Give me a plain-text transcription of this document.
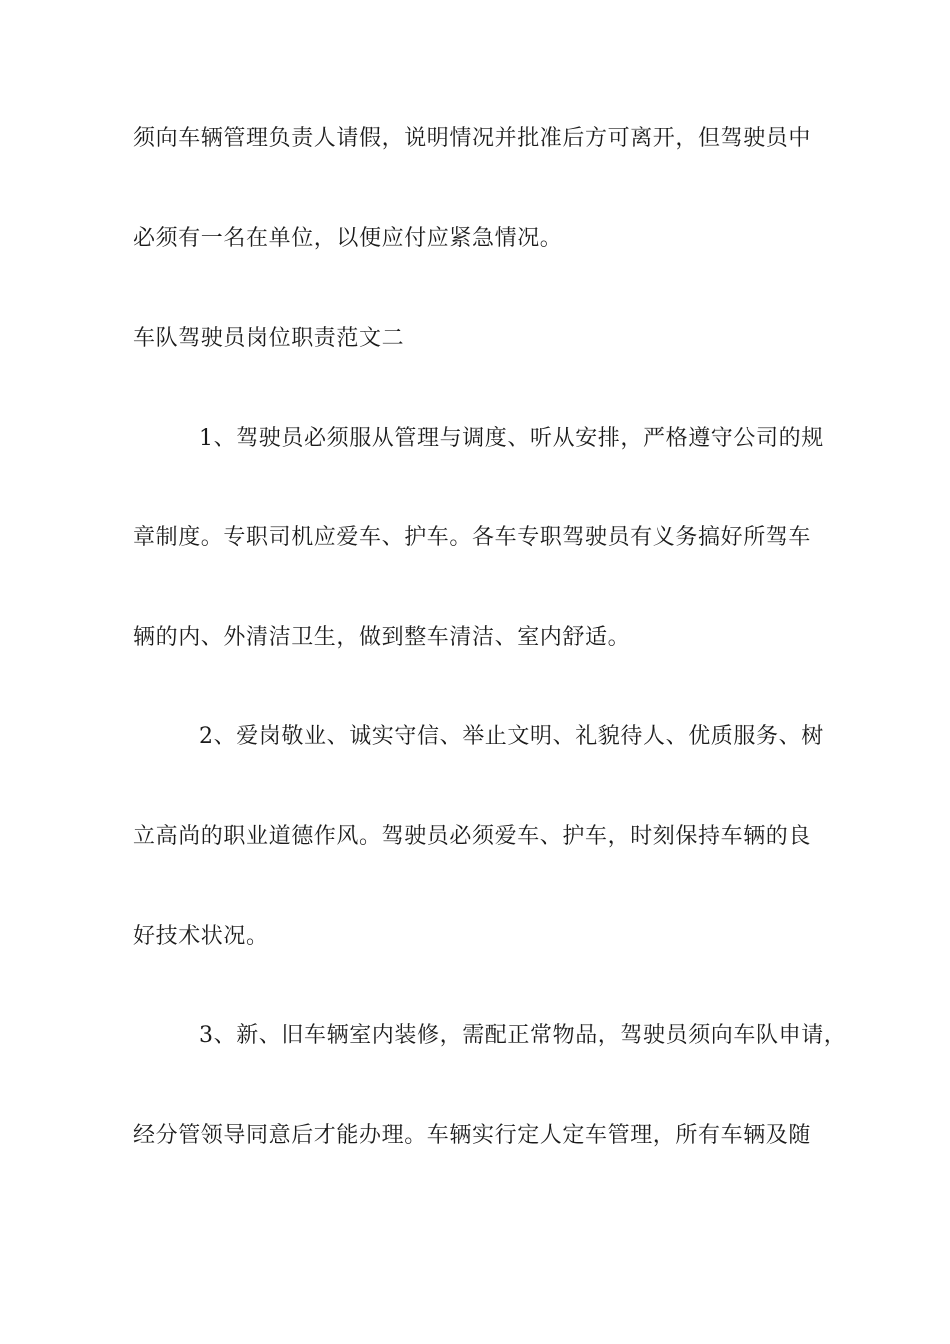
须向车辆管理负责人请假，说明情况并批准后方可离开，但驾驶员中
必须有一名在单位，以便应付应紧急情况。
车队驾驶员岗位职责范文二
1、驾驶员必须服从管理与调度、听从安排，严格遵守公司的规
章制度。专职司机应爱车、护车。各车专职驾驶员有义务搞好所驾车
辆的内、外清洁卫生，做到整车清洁、室内舒适。
2、爱岗敬业、诚实守信、举止文明、礼貌待人、优质服务、树
立高尚的职业道德作风。驾驶员必须爱车、护车，时刻保持车辆的良
好技术状况。
3、新、旧车辆室内装修，需配正常物品，驾驶员须向车队申请，
经分管领导同意后才能办理。车辆实行定人定车管理，所有车辆及随
